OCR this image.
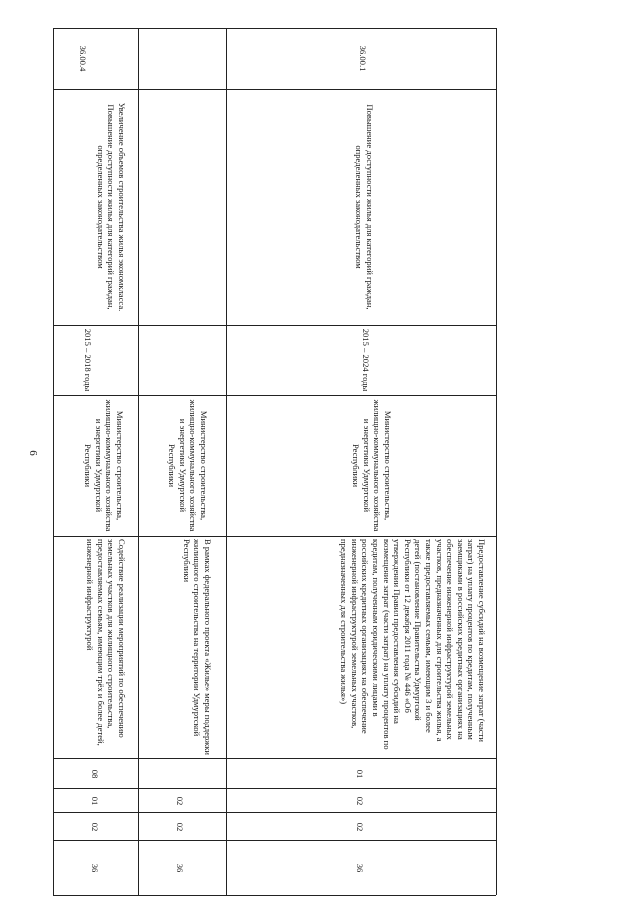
6
36.00.4
Увеличение объемов строительства жилья экономкласса. Повышение доступности жилья для категорий граждан, определенных законодательством
2015 – 2018 годы
Министерство строительства, жилищно-коммунального хозяйства и энергетики Удмуртской Республики
Содействие реализации мероприятий по обеспечению земельных участков для жилищного строительства, предоставляемых семьям, имеющим трёх и более детей, инженерной инфраструктурой
08
01
02
36
Министерство строительства, жилищно-коммунального хозяйства и энергетики Удмуртской Республики
В рамках федерального проекта «Жилье» меры поддержки жилищного строительства на территории Удмуртской Республики
02
02
36
36.00.1
Повышение доступности жилья для категорий граждан, определенных законодательством
2015 – 2024 годы
Министерство строительства, жилищно-коммунального хозяйства и энергетики Удмуртской Республики
Предоставление субсидий на возмещение затрат (части затрат) на уплату процентов по кредитам, полученным заемщиками в российских кредитных организациях на обеспечение инженерной инфраструктурой земельных участков, предназначенных для строительства жилья, а также предоставляемых семьям, имеющим 3 и более детей (постановление Правительства Удмуртской Республики от 12 декабря 2011 года № 446 «Об утверждении Правил предоставления субсидий на возмещение затрат (части затрат) на уплату процентов по кредитам, полученным юридическими лицами в российских кредитных организациях на обеспечение инженерной инфраструктурой земельных участков, предназначенных для строительства жилья»)
01
02
02
36
